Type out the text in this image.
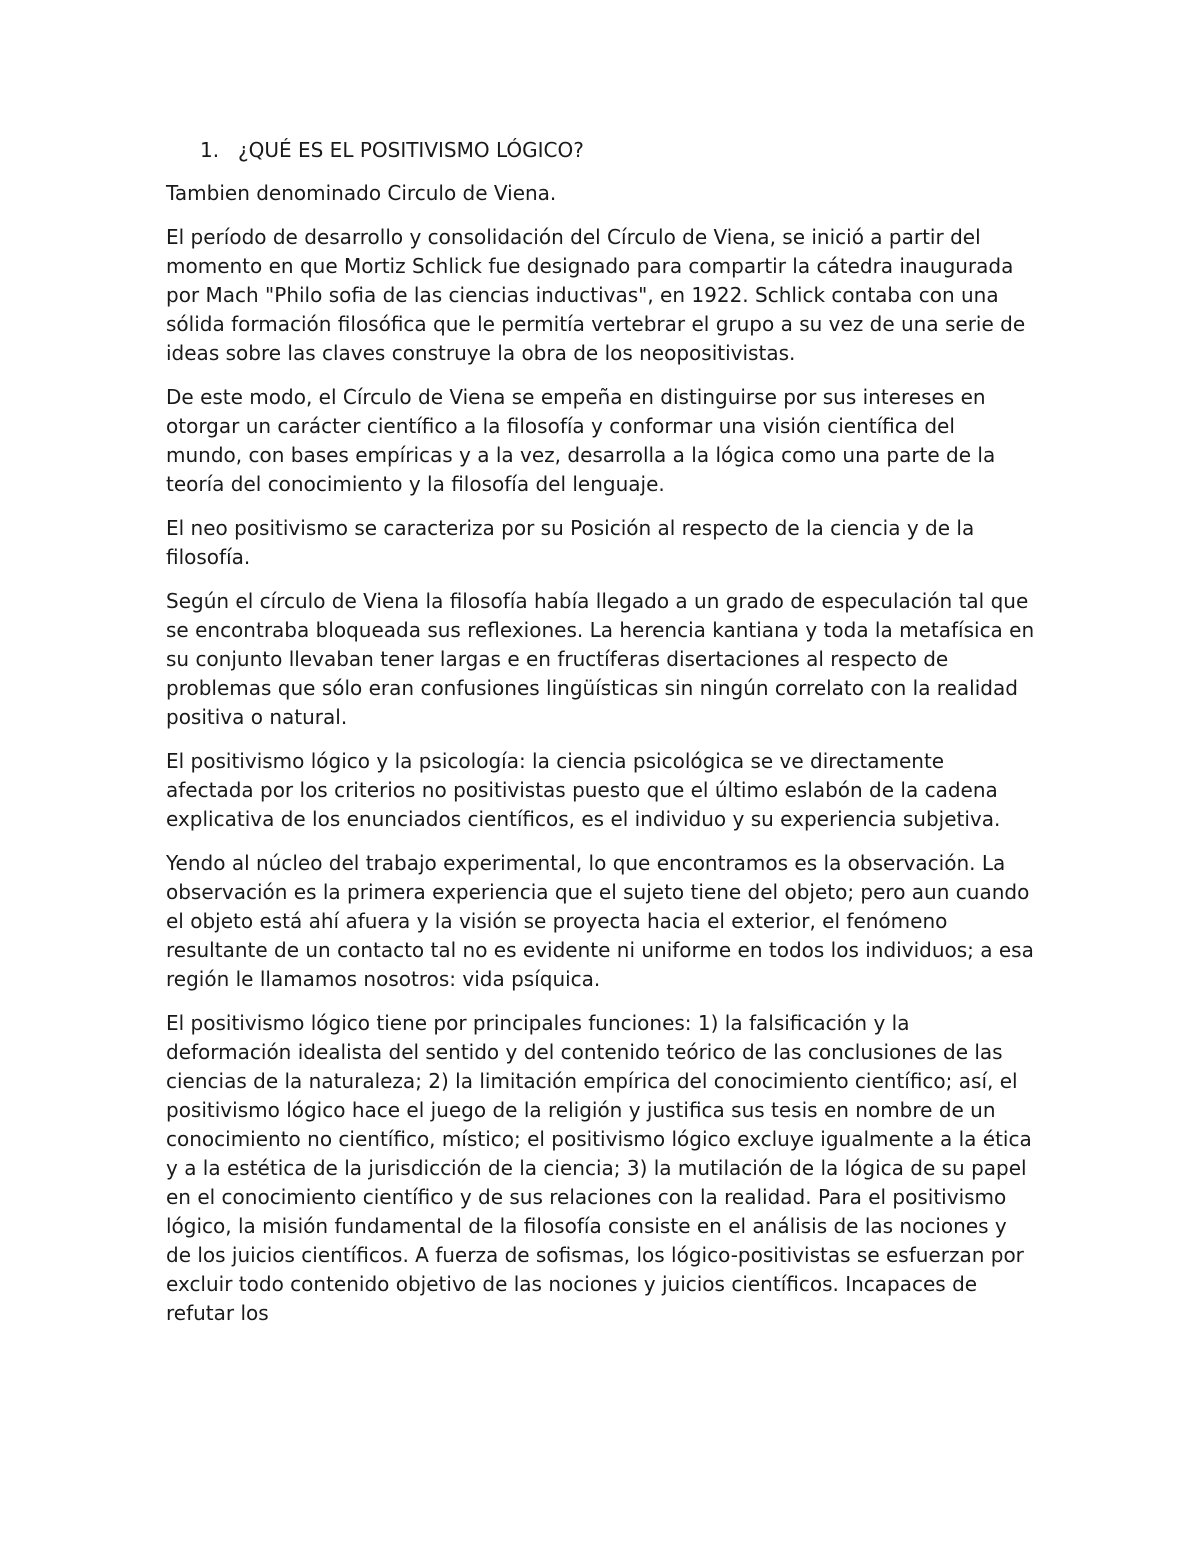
1. ¿QUÉ ES EL POSITIVISMO LÓGICO?

Tambien denominado Circulo de Viena.

El período de desarrollo y consolidación del Círculo de Viena, se inició a partir del momento en que Mortiz Schlick fue designado para compartir la cátedra inaugurada por Mach "Philo sofia de las ciencias inductivas", en 1922. Schlick contaba con una sólida formación filosófica que le permitía vertebrar el grupo a su vez de una serie de ideas sobre las claves construye la obra de los neopositivistas.

De este modo, el Círculo de Viena se empeña en distinguirse por sus intereses en otorgar un carácter científico a la filosofía y conformar una visión científica del mundo, con bases empíricas y a la vez, desarrolla a la lógica como una parte de la teoría del conocimiento y la filosofía del lenguaje.

El neo positivismo se caracteriza por su Posición al respecto de la ciencia y de la filosofía.

Según el círculo de Viena la filosofía había llegado a un grado de especulación tal que se encontraba bloqueada sus reflexiones. La herencia kantiana y toda la metafísica en su conjunto llevaban tener largas e en fructíferas disertaciones al respecto de problemas que sólo eran confusiones lingüísticas sin ningún correlato con la realidad positiva o natural.

El positivismo lógico y la psicología: la ciencia psicológica se ve directamente afectada por los criterios no positivistas puesto que el último eslabón de la cadena explicativa de los enunciados científicos, es el individuo y su experiencia subjetiva.

Yendo al núcleo del trabajo experimental, lo que encontramos es la observación. La observación es la primera experiencia que el sujeto tiene del objeto; pero aun cuando el objeto está ahí afuera y la visión se proyecta hacia el exterior, el fenómeno resultante de un contacto tal no es evidente ni uniforme en todos los individuos; a esa región le llamamos nosotros: vida psíquica.

El positivismo lógico tiene por principales funciones: 1) la falsificación y la deformación idealista del sentido y del contenido teórico de las conclusiones de las ciencias de la naturaleza; 2) la limitación empírica del conocimiento científico; así, el positivismo lógico hace el juego de la religión y justifica sus tesis en nombre de un conocimiento no científico, místico; el positivismo lógico excluye igualmente a la ética y a la estética de la jurisdicción de la ciencia; 3) la mutilación de la lógica de su papel en el conocimiento científico y de sus relaciones con la realidad. Para el positivismo lógico, la misión fundamental de la filosofía consiste en el análisis de las nociones y de los juicios científicos. A fuerza de sofismas, los lógico-positivistas se esfuerzan por excluir todo contenido objetivo de las nociones y juicios científicos. Incapaces de refutar los
